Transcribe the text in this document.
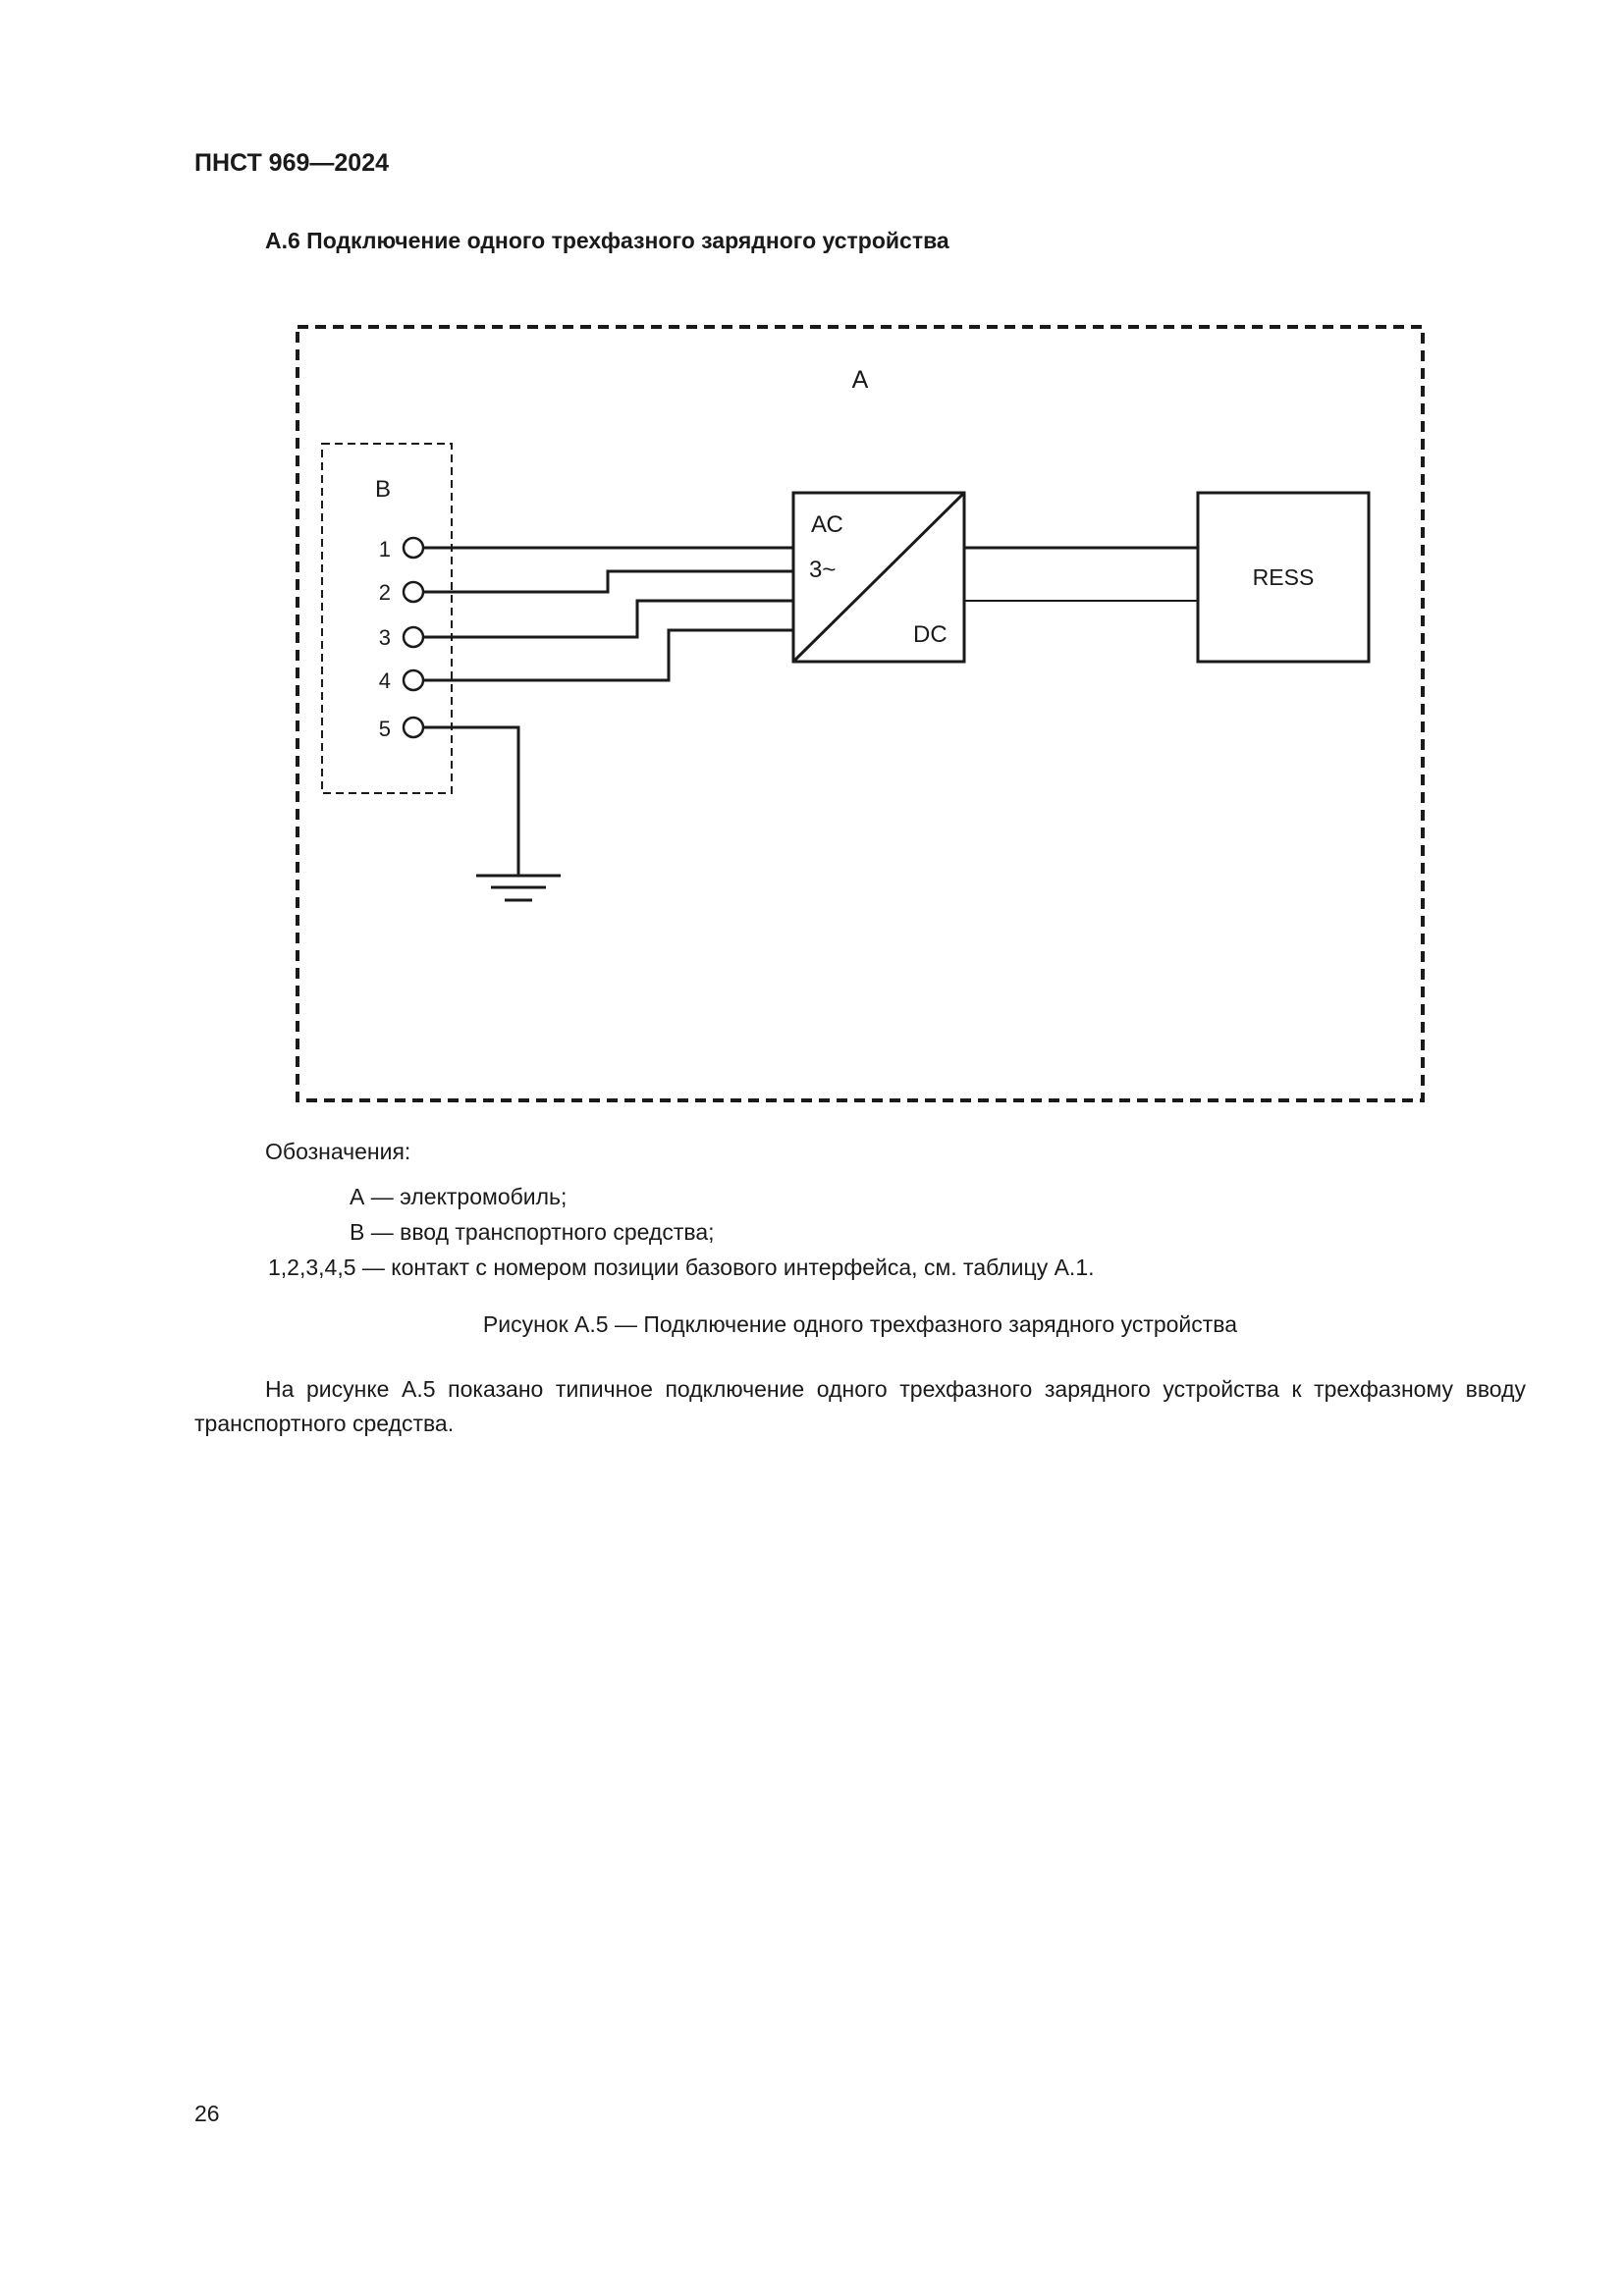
ПНСТ 969—2024
А.6 Подключение одного трехфазного зарядного устройства
А
В
1
2
3
4
5
АС
3~
DC
RESS
Обозначения:
А — электромобиль;
В — ввод транспортного средства;
1,2,3,4,5 — контакт с номером позиции базового интерфейса, см. таблицу А.1.
Рисунок А.5 — Подключение одного трехфазного зарядного устройства
На рисунке А.5 показано типичное подключение одного трехфазного зарядного устройства к трехфазному вводу транспортного средства.
26
